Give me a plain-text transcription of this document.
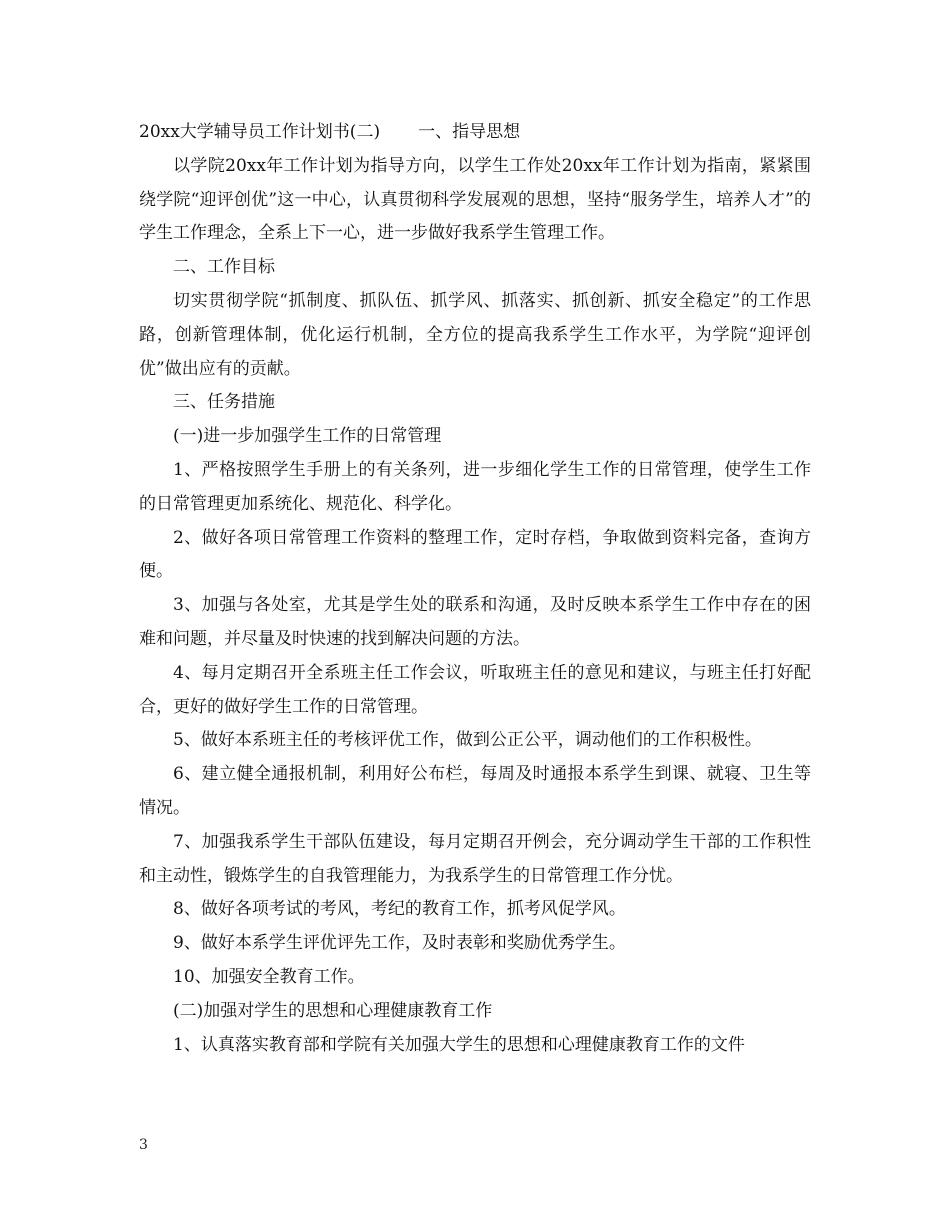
20xx大学辅导员工作计划书(二) 一、指导思想

以学院20xx年工作计划为指导方向，以学生工作处20xx年工作计划为指南，紧紧围绕学院“迎评创优”这一中心，认真贯彻科学发展观的思想，坚持“服务学生，培养人才”的学生工作理念，全系上下一心，进一步做好我系学生管理工作。

二、工作目标

切实贯彻学院“抓制度、抓队伍、抓学风、抓落实、抓创新、抓安全稳定”的工作思路，创新管理体制，优化运行机制，全方位的提高我系学生工作水平，为学院“迎评创优”做出应有的贡献。

三、任务措施

(一)进一步加强学生工作的日常管理

1、严格按照学生手册上的有关条列，进一步细化学生工作的日常管理，使学生工作的日常管理更加系统化、规范化、科学化。

2、做好各项日常管理工作资料的整理工作，定时存档，争取做到资料完备，查询方便。

3、加强与各处室，尤其是学生处的联系和沟通，及时反映本系学生工作中存在的困难和问题，并尽量及时快速的找到解决问题的方法。

4、每月定期召开全系班主任工作会议，听取班主任的意见和建议，与班主任打好配合，更好的做好学生工作的日常管理。

5、做好本系班主任的考核评优工作，做到公正公平，调动他们的工作积极性。

6、建立健全通报机制，利用好公布栏，每周及时通报本系学生到课、就寝、卫生等情况。

7、加强我系学生干部队伍建设，每月定期召开例会，充分调动学生干部的工作积性和主动性，锻炼学生的自我管理能力，为我系学生的日常管理工作分忧。

8、做好各项考试的考风，考纪的教育工作，抓考风促学风。

9、做好本系学生评优评先工作，及时表彰和奖励优秀学生。

10、加强安全教育工作。

(二)加强对学生的思想和心理健康教育工作

1、认真落实教育部和学院有关加强大学生的思想和心理健康教育工作的文件

3
